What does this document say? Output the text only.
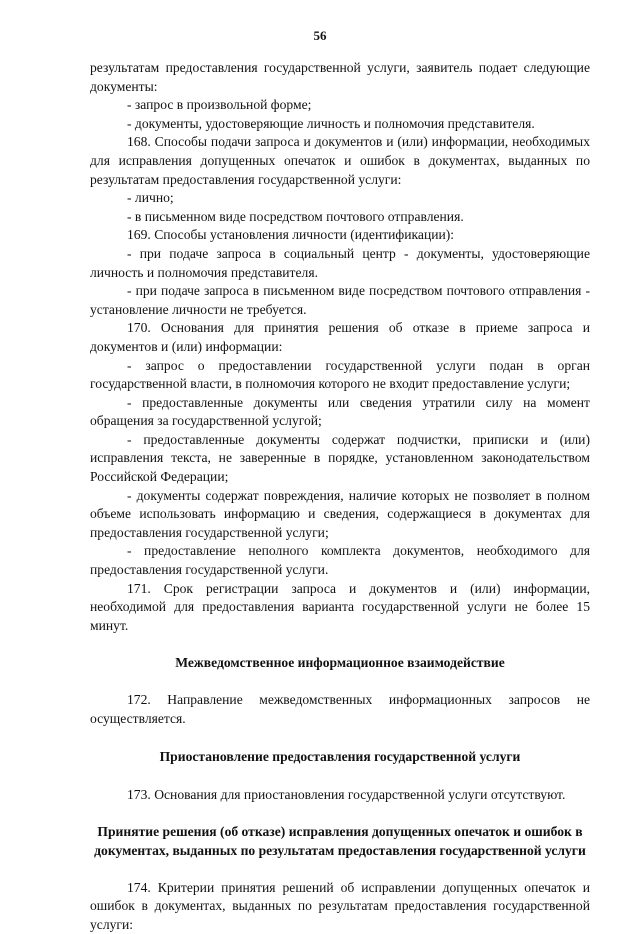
56

результатам предоставления государственной услуги, заявитель подает следующие документы:

- запрос в произвольной форме;

- документы, удостоверяющие личность и полномочия представителя.

168. Способы подачи запроса и документов и (или) информации, необходимых для исправления допущенных опечаток и ошибок в документах, выданных по результатам предоставления государственной услуги:

- лично;

- в письменном виде посредством почтового отправления.

169. Способы установления личности (идентификации):

- при подаче запроса в социальный центр - документы, удостоверяющие личность и полномочия представителя.

- при подаче запроса в письменном виде посредством почтового отправления - установление личности не требуется.

170. Основания для принятия решения об отказе в приеме запроса и документов и (или) информации:

- запрос о предоставлении государственной услуги подан в орган государственной власти, в полномочия которого не входит предоставление услуги;

- предоставленные документы или сведения утратили силу на момент обращения за государственной услугой;

- предоставленные документы содержат подчистки, приписки и (или) исправления текста, не заверенные в порядке, установленном законодательством Российской Федерации;

- документы содержат повреждения, наличие которых не позволяет в полном объеме использовать информацию и сведения, содержащиеся в документах для предоставления государственной услуги;

- предоставление неполного комплекта документов, необходимого для предоставления государственной услуги.

171. Срок регистрации запроса и документов и (или) информации, необходимой для предоставления варианта государственной услуги не более 15 минут.

Межведомственное информационное взаимодействие

172. Направление межведомственных информационных запросов не осуществляется.

Приостановление предоставления государственной услуги

173. Основания для приостановления государственной услуги отсутствуют.

Принятие решения (об отказе) исправления допущенных опечаток и ошибок в документах, выданных по результатам предоставления государственной услуги

174. Критерии принятия решений об исправлении допущенных опечаток и ошибок в документах, выданных по результатам предоставления государственной услуги:
